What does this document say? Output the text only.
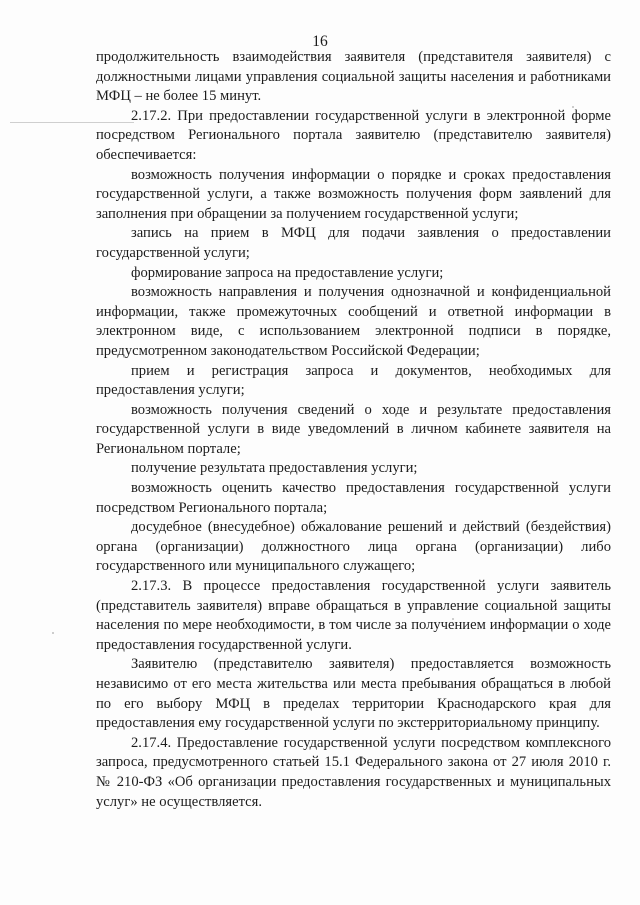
16

продолжительность взаимодействия заявителя (представителя заявителя) с должностными лицами управления социальной защиты населения и работниками МФЦ – не более 15 минут.

2.17.2. При предоставлении государственной услуги в электронной форме посредством Регионального портала заявителю (представителю заявителя) обеспечивается:

возможность получения информации о порядке и сроках предоставления государственной услуги, а также возможность получения форм заявлений для заполнения при обращении за получением государственной услуги;

запись на прием в МФЦ для подачи заявления о предоставлении государственной услуги;

формирование запроса на предоставление услуги;

возможность направления и получения однозначной и конфиденциальной информации, также промежуточных сообщений и ответной информации в электронном виде, с использованием электронной подписи в порядке, предусмотренном законодательством Российской Федерации;

прием и регистрация запроса и документов, необходимых для предоставления услуги;

возможность получения сведений о ходе и результате предоставления государственной услуги в виде уведомлений в личном кабинете заявителя на Региональном портале;

получение результата предоставления услуги;

возможность оценить качество предоставления государственной услуги посредством Регионального портала;

досудебное (внесудебное) обжалование решений и действий (бездействия) органа (организации) должностного лица органа (организации) либо государственного или муниципального служащего;

2.17.3. В процессе предоставления государственной услуги заявитель (представитель заявителя) вправе обращаться в управление социальной защиты населения по мере необходимости, в том числе за получением информации о ходе предоставления государственной услуги.

Заявителю (представителю заявителя) предоставляется возможность независимо от его места жительства или места пребывания обращаться в любой по его выбору МФЦ в пределах территории Краснодарского края для предоставления ему государственной услуги по экстерриториальному принципу.

2.17.4. Предоставление государственной услуги посредством комплексного запроса, предусмотренного статьей 15.1 Федерального закона от 27 июля 2010 г. № 210-ФЗ «Об организации предоставления государственных и муниципальных услуг» не осуществляется.
